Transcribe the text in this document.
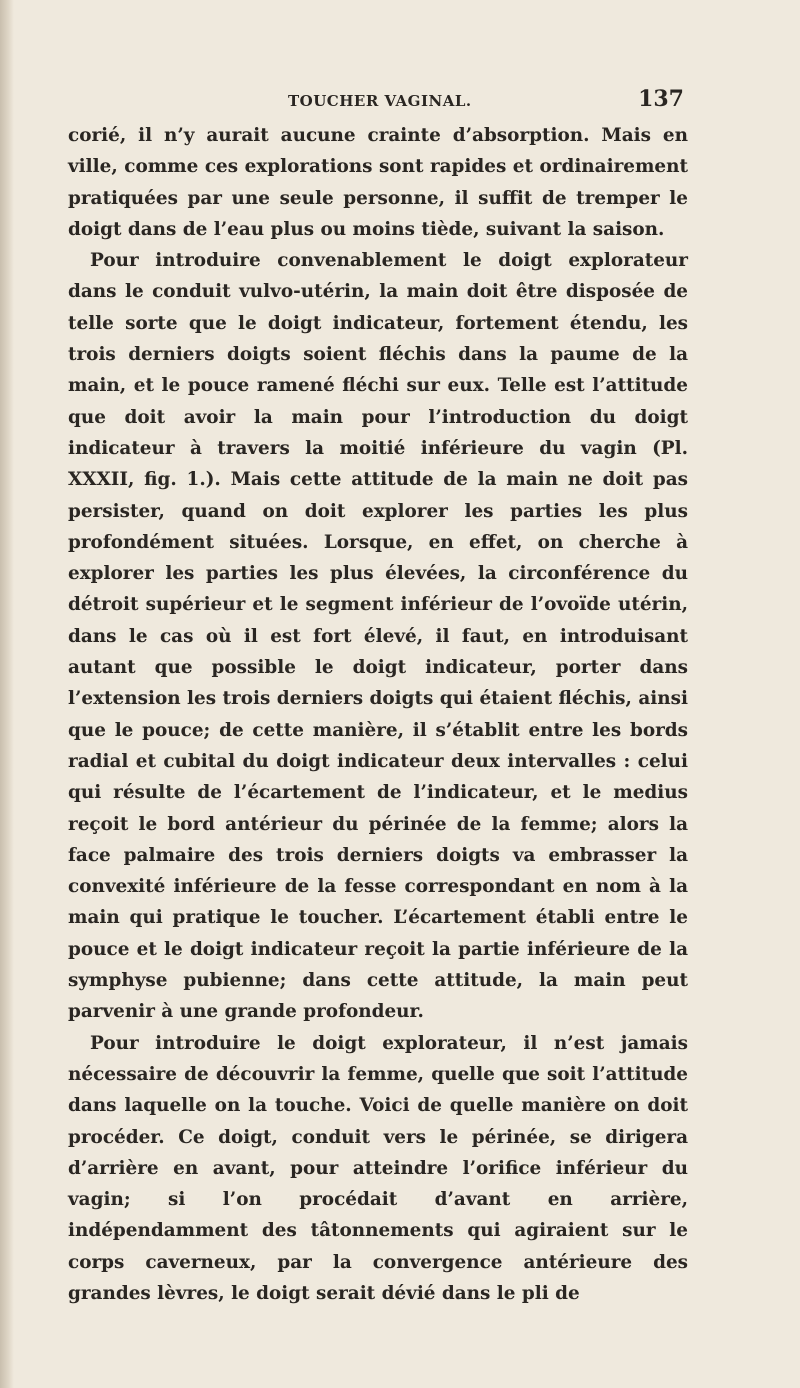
TOUCHER VAGINAL.	137

corié, il n’y aurait aucune crainte d’absorption. Mais en ville, comme ces explorations sont rapides et ordinairement pratiquées par une seule personne, il suffit de tremper le doigt dans de l’eau plus ou moins tiède, suivant la saison.

Pour introduire convenablement le doigt explorateur dans le conduit vulvo-utérin, la main doit être disposée de telle sorte que le doigt indicateur, fortement étendu, les trois derniers doigts soient fléchis dans la paume de la main, et le pouce ramené fléchi sur eux. Telle est l’attitude que doit avoir la main pour l’introduction du doigt indicateur à travers la moitié inférieure du vagin (Pl. XXXII, fig. 1.). Mais cette attitude de la main ne doit pas persister, quand on doit explorer les parties les plus profondément situées. Lorsque, en effet, on cherche à explorer les parties les plus élevées, la circonférence du détroit supérieur et le segment inférieur de l’ovoïde utérin, dans le cas où il est fort élevé, il faut, en introduisant autant que possible le doigt indicateur, porter dans l’extension les trois derniers doigts qui étaient fléchis, ainsi que le pouce; de cette manière, il s’établit entre les bords radial et cubital du doigt indicateur deux intervalles : celui qui résulte de l’écartement de l’indicateur, et le medius reçoit le bord antérieur du périnée de la femme; alors la face palmaire des trois derniers doigts va embrasser la convexité inférieure de la fesse correspondant en nom à la main qui pratique le toucher. L’écartement établi entre le pouce et le doigt indicateur reçoit la partie inférieure de la symphyse pubienne; dans cette attitude, la main peut parvenir à une grande profondeur.

Pour introduire le doigt explorateur, il n’est jamais nécessaire de découvrir la femme, quelle que soit l’attitude dans laquelle on la touche. Voici de quelle manière on doit procéder. Ce doigt, conduit vers le périnée, se dirigera d’arrière en avant, pour atteindre l’orifice inférieur du vagin; si l’on procédait d’avant en arrière, indépendamment des tâtonnements qui agiraient sur le corps caverneux, par la convergence antérieure des grandes lèvres, le doigt serait dévié dans le pli de
